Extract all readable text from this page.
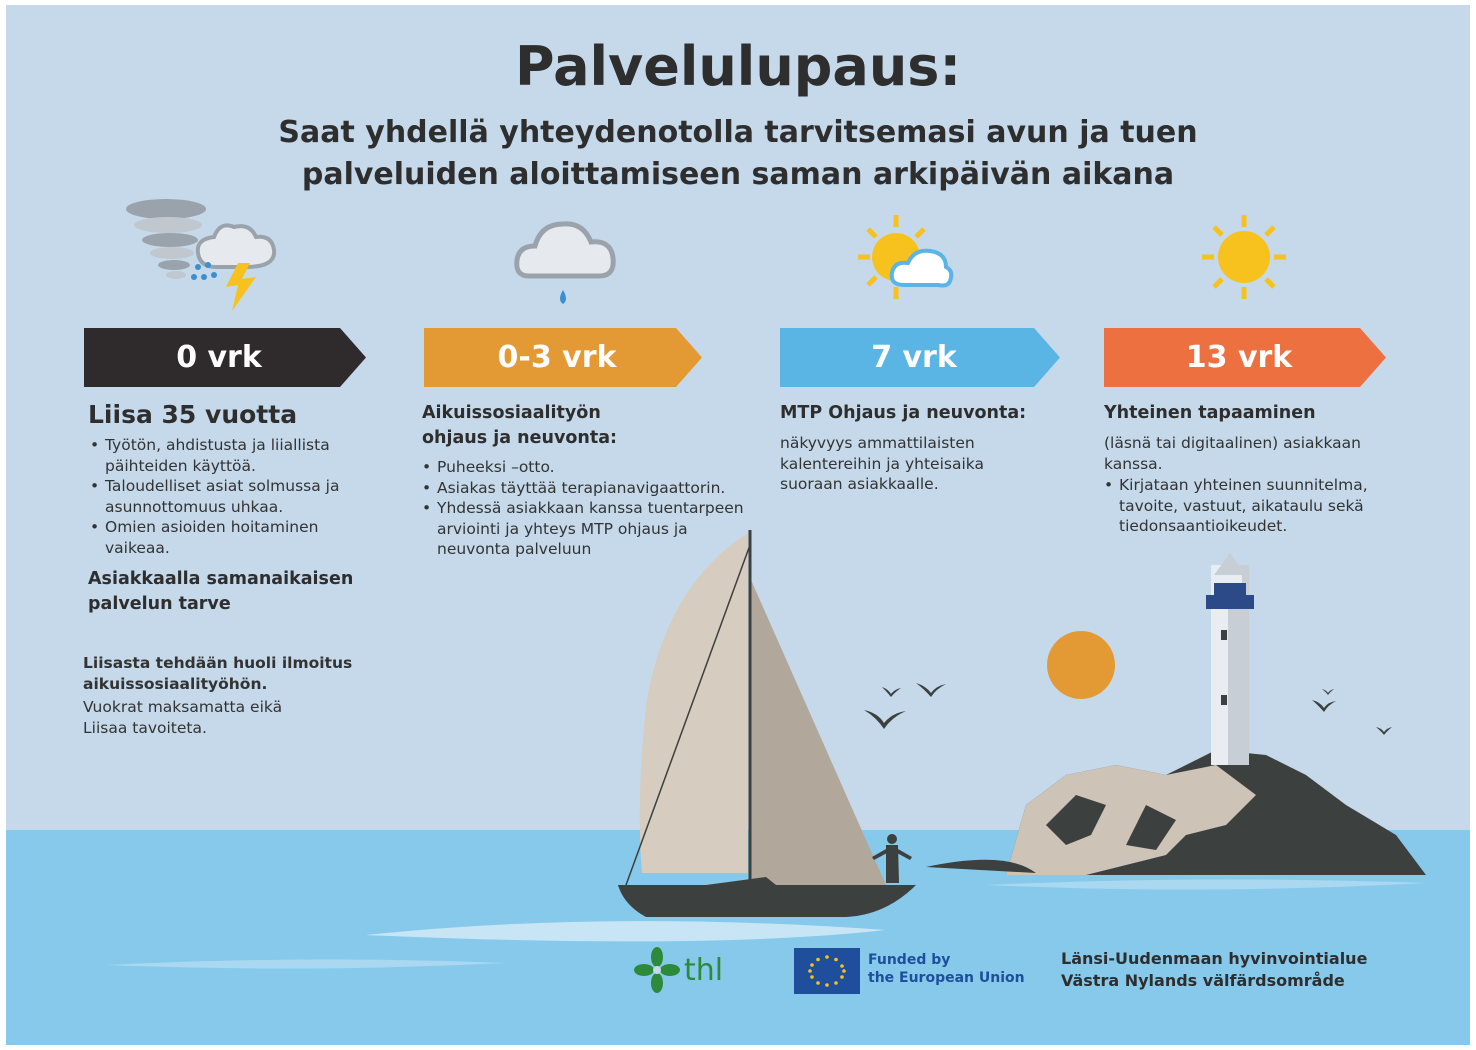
Palvelulupaus:
Saat yhdellä yhteydenotolla tarvitsemasi avun ja tuen
palveluiden aloittamiseen saman arkipäivän aikana
0 vrk	0-3 vrk	7 vrk	13 vrk
Liisa 35 vuotta
• Työtön, ahdistusta ja liiallista päihteiden käyttöä.
• Taloudelliset asiat solmussa ja asunnottomuus uhkaa.
• Omien asioiden hoitaminen vaikeaa.
Asiakkaalla samanaikaisen palvelun tarve
Liisasta tehdään huoli ilmoitus aikuissosiaalityöhön.
Vuokrat maksamatta eikä Liisaa tavoiteta.
Aikuissosiaalityön ohjaus ja neuvonta:
• Puheeksi –otto.
• Asiakas täyttää terapianavigaattorin.
• Yhdessä asiakkaan kanssa tuentarpeen arviointi ja yhteys MTP ohjaus ja neuvonta palveluun
MTP Ohjaus ja neuvonta:
näkyvyys ammattilaisten kalentereihin ja yhteisaika suoraan asiakkaalle.
Yhteinen tapaaminen
(läsnä tai digitaalinen) asiakkaan kanssa.
• Kirjataan yhteinen suunnitelma, tavoite, vastuut, aikataulu sekä tiedonsaantioikeudet.
thl	Funded by
the European Union
Länsi-Uudenmaan hyvinvointialue
Västra Nylands välfärdsområde
